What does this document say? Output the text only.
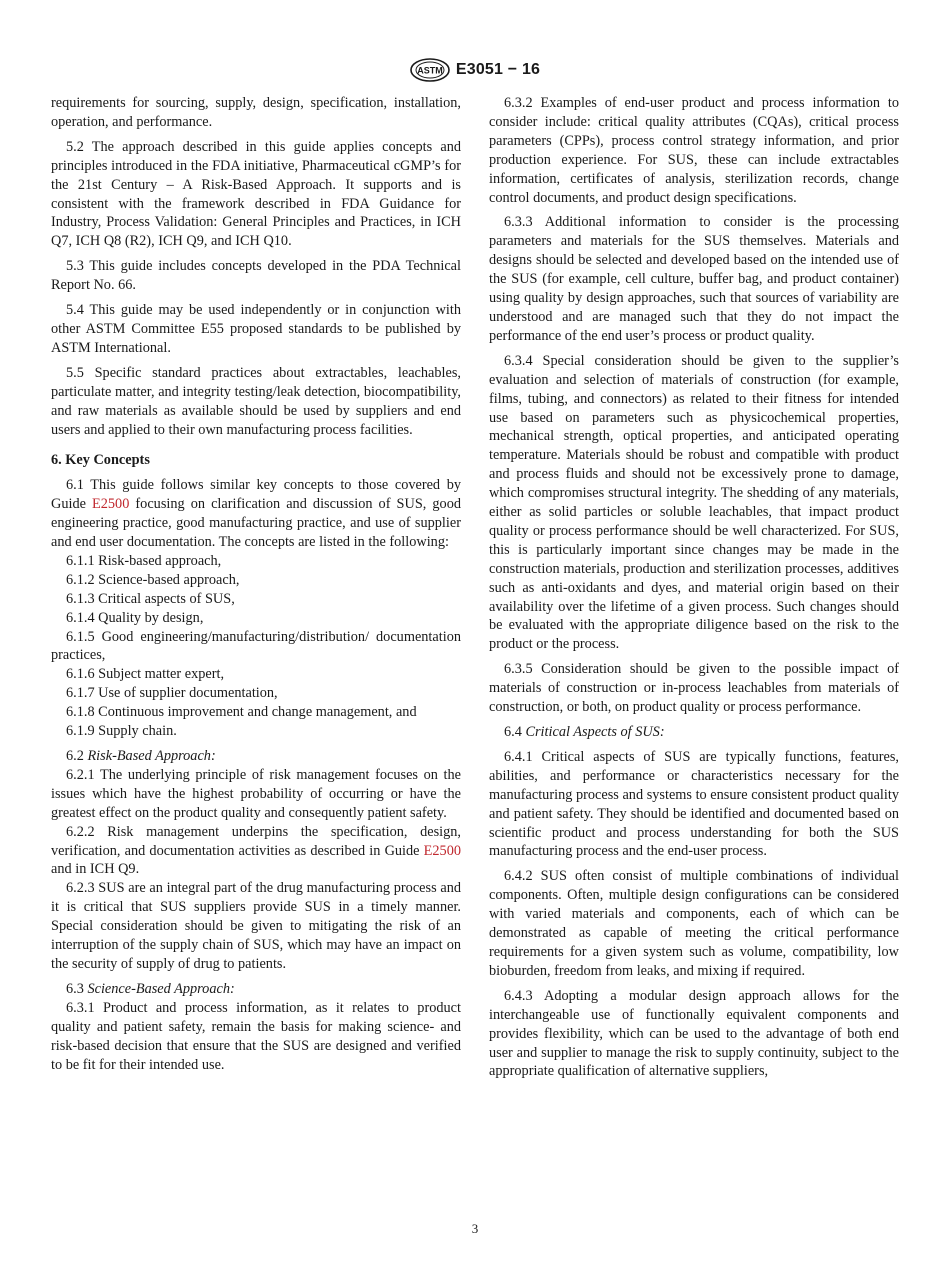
ASTM E3051 − 16

requirements for sourcing, supply, design, specification, installation, operation, and performance.

5.2 The approach described in this guide applies concepts and principles introduced in the FDA initiative, Pharmaceutical cGMP’s for the 21st Century – A Risk-Based Approach. It supports and is consistent with the framework described in FDA Guidance for Industry, Process Validation: General Principles and Practices, in ICH Q7, ICH Q8 (R2), ICH Q9, and ICH Q10.

5.3 This guide includes concepts developed in the PDA Technical Report No. 66.

5.4 This guide may be used independently or in conjunction with other ASTM Committee E55 proposed standards to be published by ASTM International.

5.5 Specific standard practices about extractables, leachables, particulate matter, and integrity testing/leak detection, biocompatibility, and raw materials as available should be used by suppliers and end users and applied to their own manufacturing process facilities.

6. Key Concepts

6.1 This guide follows similar key concepts to those covered by Guide E2500 focusing on clarification and discussion of SUS, good engineering practice, good manufacturing practice, and use of supplier and end user documentation. The concepts are listed in the following:

6.1.1 Risk-based approach,

6.1.2 Science-based approach,

6.1.3 Critical aspects of SUS,

6.1.4 Quality by design,

6.1.5 Good engineering/manufacturing/distribution/ documentation practices,

6.1.6 Subject matter expert,

6.1.7 Use of supplier documentation,

6.1.8 Continuous improvement and change management, and

6.1.9 Supply chain.

6.2 Risk-Based Approach:

6.2.1 The underlying principle of risk management focuses on the issues which have the highest probability of occurring or have the greatest effect on the product quality and consequently patient safety.

6.2.2 Risk management underpins the specification, design, verification, and documentation activities as described in Guide E2500 and in ICH Q9.

6.2.3 SUS are an integral part of the drug manufacturing process and it is critical that SUS suppliers provide SUS in a timely manner. Special consideration should be given to mitigating the risk of an interruption of the supply chain of SUS, which may have an impact on the security of supply of drug to patients.

6.3 Science-Based Approach:

6.3.1 Product and process information, as it relates to product quality and patient safety, remain the basis for making science- and risk-based decision that ensure that the SUS are designed and verified to be fit for their intended use.

6.3.2 Examples of end-user product and process information to consider include: critical quality attributes (CQAs), critical process parameters (CPPs), process control strategy information, and prior production experience. For SUS, these can include extractables information, certificates of analysis, sterilization records, change control documents, and product design specifications.

6.3.3 Additional information to consider is the processing parameters and materials for the SUS themselves. Materials and designs should be selected and developed based on the intended use of the SUS (for example, cell culture, buffer bag, and product container) using quality by design approaches, such that sources of variability are understood and are managed such that they do not impact the performance of the end user’s process or product quality.

6.3.4 Special consideration should be given to the supplier’s evaluation and selection of materials of construction (for example, films, tubing, and connectors) as related to their fitness for intended use based on parameters such as physicochemical properties, mechanical strength, optical properties, and anticipated operating temperature. Materials should be robust and compatible with product and process fluids and should not be excessively prone to damage, which compromises structural integrity. The shedding of any materials, either as solid particles or soluble leachables, that impact product quality or process performance should be well characterized. For SUS, this is particularly important since changes may be made in the construction materials, production and sterilization processes, additives such as anti-oxidants and dyes, and material origin based on their availability over the lifetime of a given process. Such changes should be evaluated with the appropriate diligence based on the risk to the product or the process.

6.3.5 Consideration should be given to the possible impact of materials of construction or in-process leachables from materials of construction, or both, on product quality or process performance.

6.4 Critical Aspects of SUS:

6.4.1 Critical aspects of SUS are typically functions, features, abilities, and performance or characteristics necessary for the manufacturing process and systems to ensure consistent product quality and patient safety. They should be identified and documented based on scientific product and process understanding for both the SUS manufacturing process and the end-user process.

6.4.2 SUS often consist of multiple combinations of individual components. Often, multiple design configurations can be considered with varied materials and components, each of which can be demonstrated as capable of meeting the critical performance requirements for a given system such as volume, compatibility, low bioburden, freedom from leaks, and mixing if required.

6.4.3 Adopting a modular design approach allows for the interchangeable use of functionally equivalent components and provides flexibility, which can be used to the advantage of both end user and supplier to manage the risk to supply continuity, subject to the appropriate qualification of alternative suppliers,

3
